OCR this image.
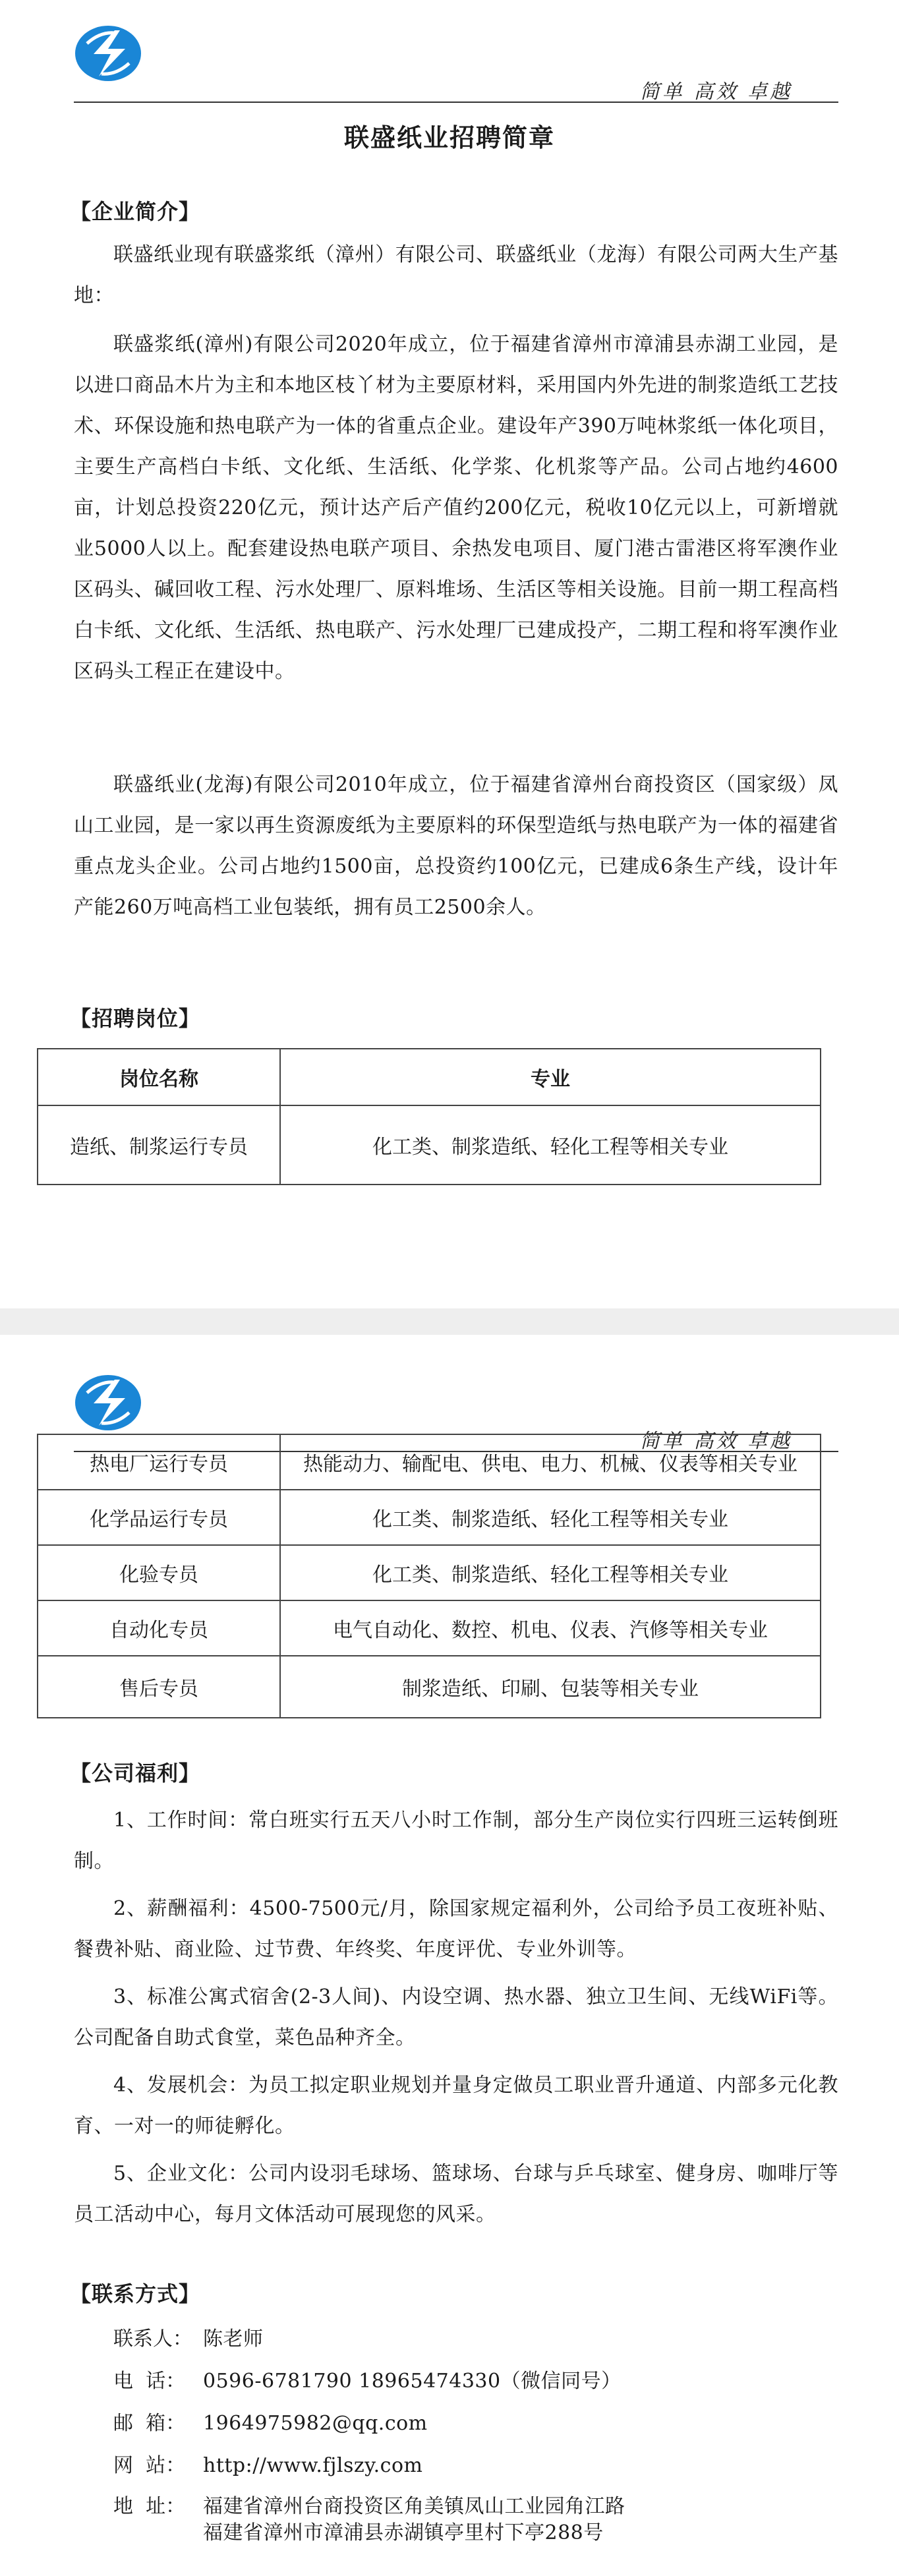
简单 高效 卓越
联盛纸业招聘简章
【企业简介】
联盛纸业现有联盛浆纸（漳州）有限公司、联盛纸业（龙海）有限公司两大生产基地：
联盛浆纸(漳州)有限公司2020年成立，位于福建省漳州市漳浦县赤湖工业园，是以进口商品木片为主和本地区枝丫材为主要原材料，采用国内外先进的制浆造纸工艺技术、环保设施和热电联产为一体的省重点企业。建设年产390万吨林浆纸一体化项目，主要生产高档白卡纸、文化纸、生活纸、化学浆、化机浆等产品。公司占地约4600亩，计划总投资220亿元，预计达产后产值约200亿元，税收10亿元以上，可新增就业5000人以上。配套建设热电联产项目、余热发电项目、厦门港古雷港区将军澳作业区码头、碱回收工程、污水处理厂、原料堆场、生活区等相关设施。目前一期工程高档白卡纸、文化纸、生活纸、热电联产、污水处理厂已建成投产，二期工程和将军澳作业区码头工程正在建设中。
联盛纸业(龙海)有限公司2010年成立，位于福建省漳州台商投资区（国家级）凤山工业园，是一家以再生资源废纸为主要原料的环保型造纸与热电联产为一体的福建省重点龙头企业。公司占地约1500亩，总投资约100亿元，已建成6条生产线，设计年产能260万吨高档工业包装纸，拥有员工2500余人。
【招聘岗位】
岗位名称	专业
造纸、制浆运行专员	化工类、制浆造纸、轻化工程等相关专业
简单 高效 卓越
热电厂运行专员	热能动力、输配电、供电、电力、机械、仪表等相关专业
化学品运行专员	化工类、制浆造纸、轻化工程等相关专业
化验专员	化工类、制浆造纸、轻化工程等相关专业
自动化专员	电气自动化、数控、机电、仪表、汽修等相关专业
售后专员	制浆造纸、印刷、包装等相关专业
【公司福利】
1、工作时间：常白班实行五天八小时工作制，部分生产岗位实行四班三运转倒班制。
2、薪酬福利：4500-7500元/月，除国家规定福利外，公司给予员工夜班补贴、餐费补贴、商业险、过节费、年终奖、年度评优、专业外训等。
3、标准公寓式宿舍(2-3人间)、内设空调、热水器、独立卫生间、无线WiFi等。公司配备自助式食堂，菜色品种齐全。
4、发展机会：为员工拟定职业规划并量身定做员工职业晋升通道、内部多元化教育、一对一的师徒孵化。
5、企业文化：公司内设羽毛球场、篮球场、台球与乒乓球室、健身房、咖啡厅等员工活动中心，每月文体活动可展现您的风采。
【联系方式】
联系人： 陈老师
电  话： 0596-6781790 18965474330（微信同号）
邮  箱： 1964975982@qq.com
网  站： http://www.fjlszy.com
地  址： 福建省漳州台商投资区角美镇凤山工业园角江路
福建省漳州市漳浦县赤湖镇亭里村下亭288号
